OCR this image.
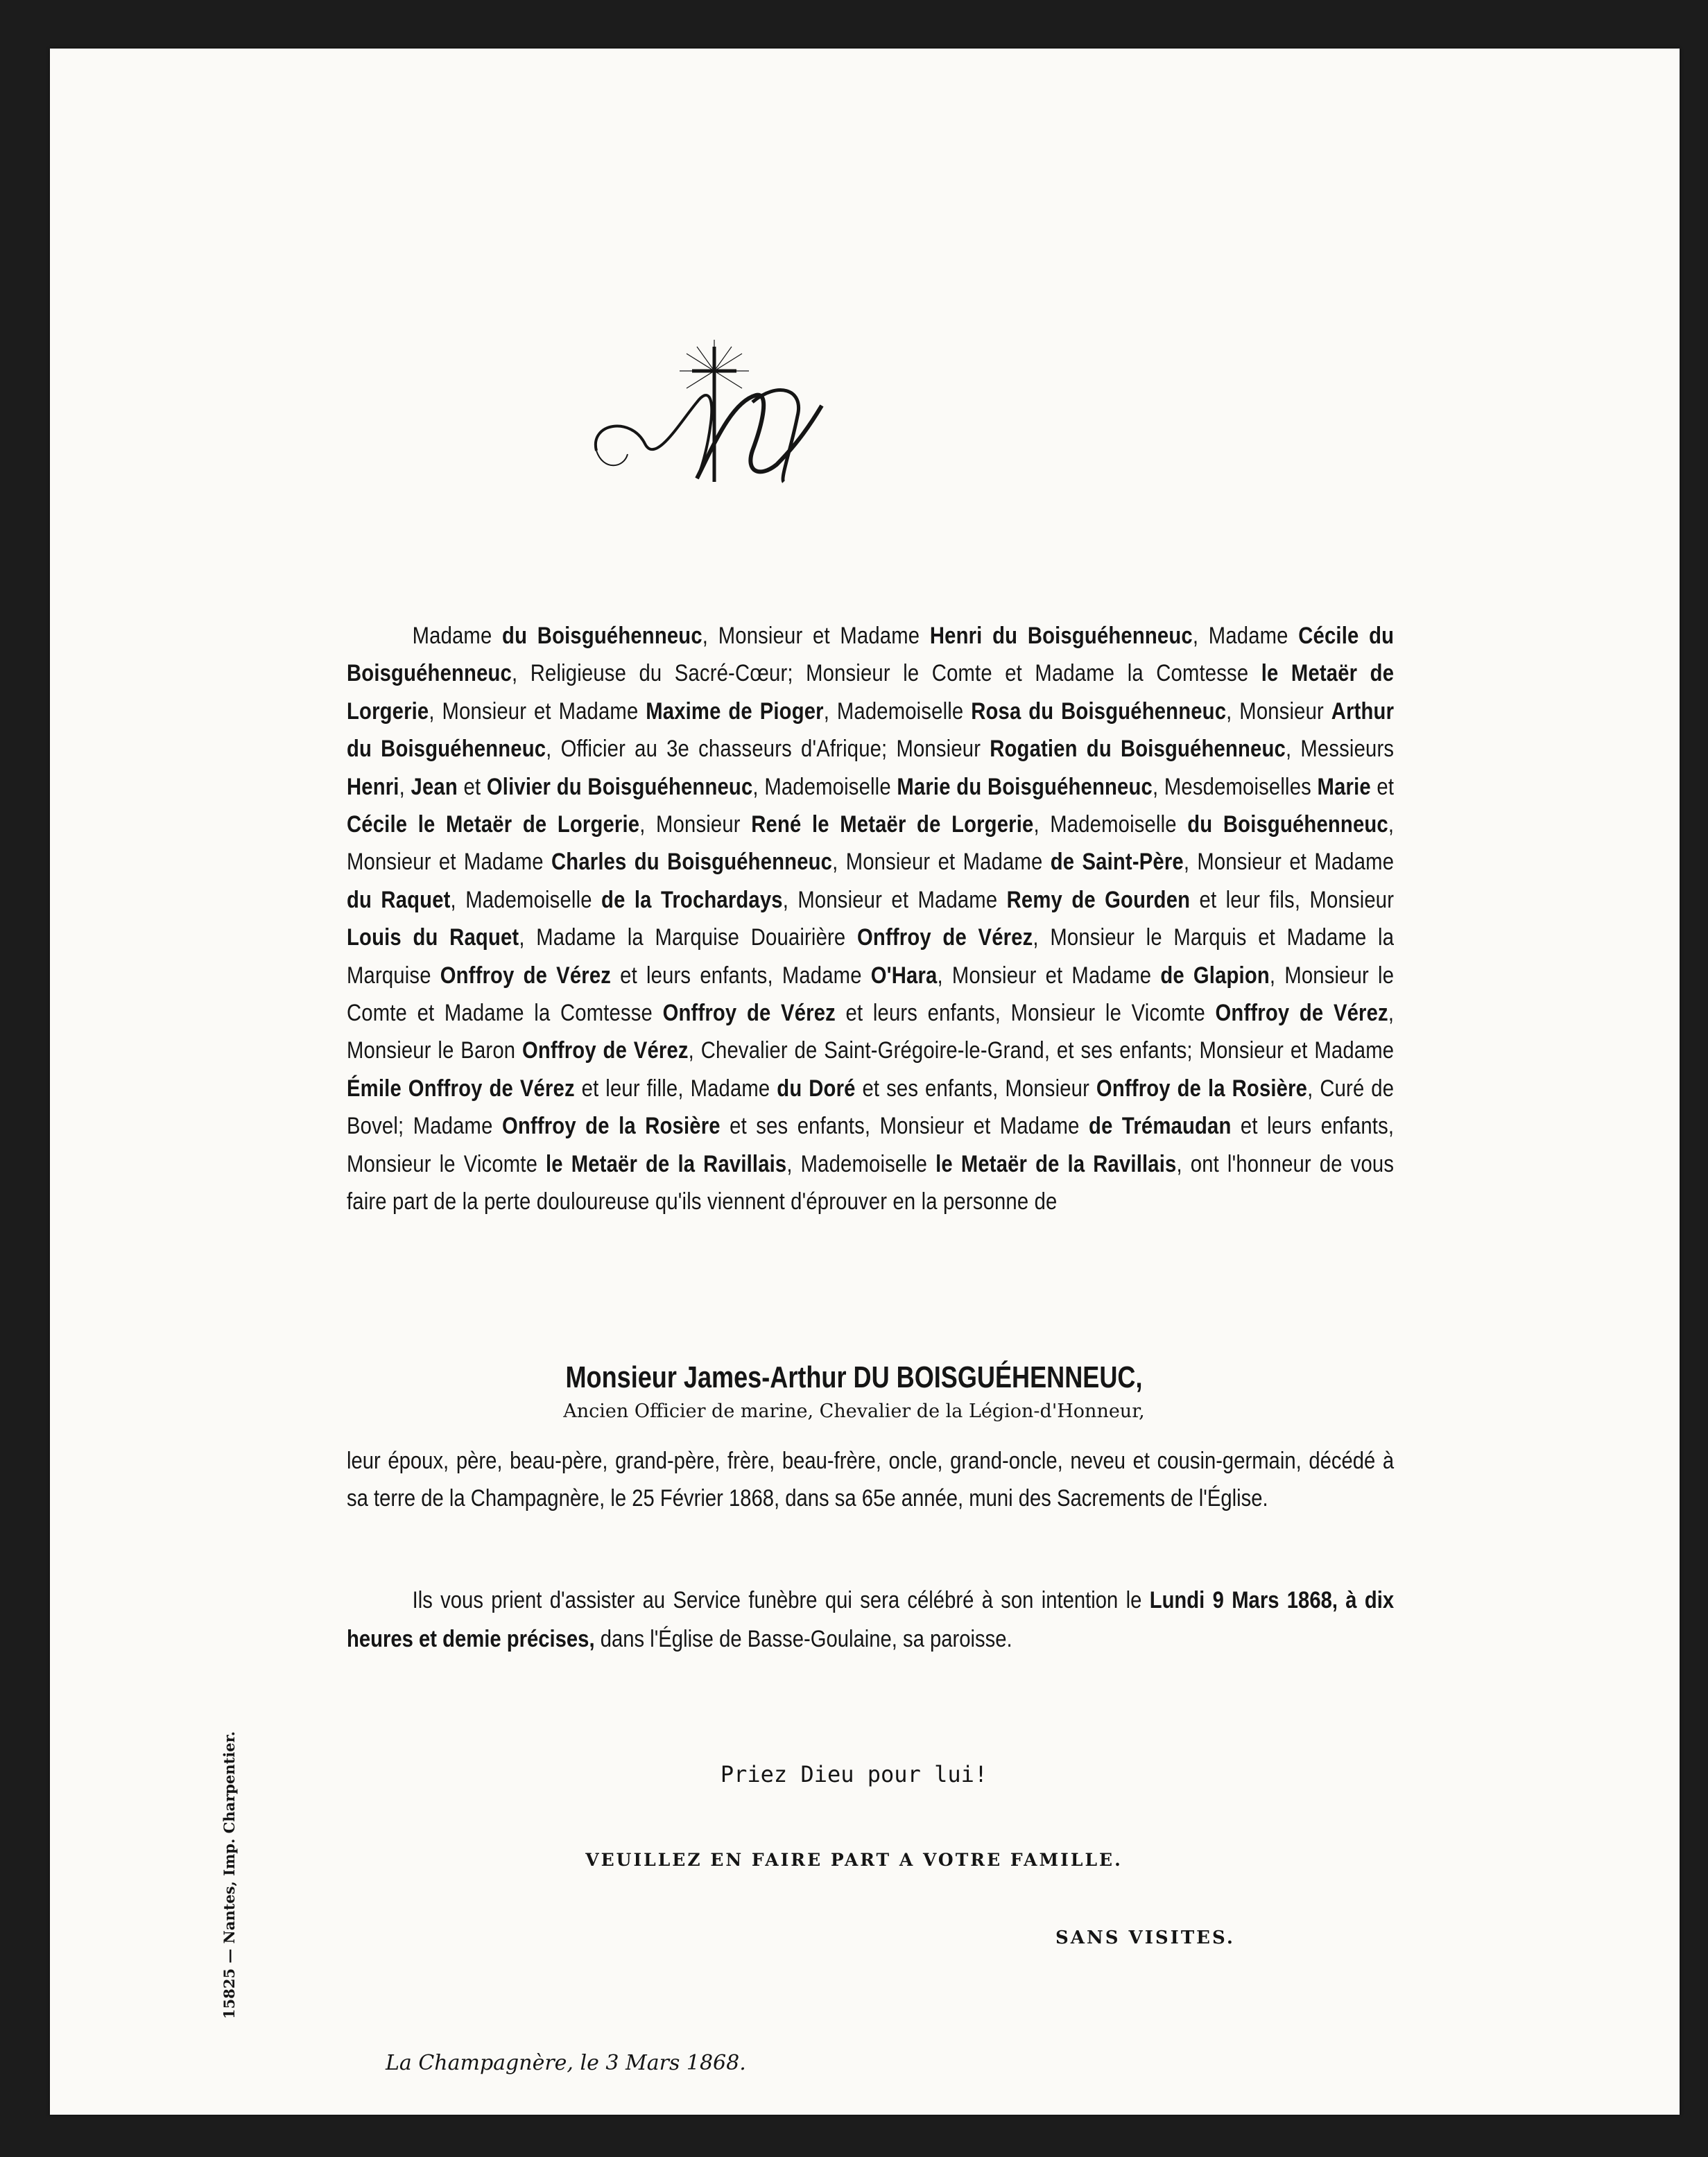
Madame du Boisguéhenneuc, Monsieur et Madame Henri du Boisguéhenneuc, Madame Cécile du Boisguéhenneuc, Religieuse du Sacré-Cœur; Monsieur le Comte et Madame la Comtesse le Metaër de Lorgerie, Monsieur et Madame Maxime de Pioger, Mademoiselle Rosa du Boisguéhenneuc, Monsieur Arthur du Boisguéhenneuc, Officier au 3e chasseurs d'Afrique; Monsieur Rogatien du Boisguéhenneuc, Messieurs Henri, Jean et Olivier du Boisguéhenneuc, Mademoiselle Marie du Boisguéhenneuc, Mesdemoiselles Marie et Cécile le Metaër de Lorgerie, Monsieur René le Metaër de Lorgerie, Mademoiselle du Boisguéhenneuc, Monsieur et Madame Charles du Boisguéhenneuc, Monsieur et Madame de Saint-Père, Monsieur et Madame du Raquet, Mademoiselle de la Trochardays, Monsieur et Madame Remy de Gourden et leur fils, Monsieur Louis du Raquet, Madame la Marquise Douairière Onffroy de Vérez, Monsieur le Marquis et Madame la Marquise Onffroy de Vérez et leurs enfants, Madame O'Hara, Monsieur et Madame de Glapion, Monsieur le Comte et Madame la Comtesse Onffroy de Vérez et leurs enfants, Monsieur le Vicomte Onffroy de Vérez, Monsieur le Baron Onffroy de Vérez, Chevalier de Saint-Grégoire-le-Grand, et ses enfants; Monsieur et Madame Émile Onffroy de Vérez et leur fille, Madame du Doré et ses enfants, Monsieur Onffroy de la Rosière, Curé de Bovel; Madame Onffroy de la Rosière et ses enfants, Monsieur et Madame de Trémaudan et leurs enfants, Monsieur le Vicomte le Metaër de la Ravillais, Mademoiselle le Metaër de la Ravillais, ont l'honneur de vous faire part de la perte douloureuse qu'ils viennent d'éprouver en la personne de
Monsieur James-Arthur DU BOISGUÉHENNEUC,
Ancien Officier de marine, Chevalier de la Légion-d'Honneur,
leur époux, père, beau-père, grand-père, frère, beau-frère, oncle, grand-oncle, neveu et cousin-germain, décédé à sa terre de la Champagnère, le 25 Février 1868, dans sa 65e année, muni des Sacrements de l'Église.
Ils vous prient d'assister au Service funèbre qui sera célébré à son intention le Lundi 9 Mars 1868, à dix heures et demie précises, dans l'Église de Basse-Goulaine, sa paroisse.
Priez Dieu pour lui!
VEUILLEZ EN FAIRE PART A VOTRE FAMILLE.
SANS VISITES.
La Champagnère, le 3 Mars 1868.
15825 — Nantes, Imp. Charpentier.
